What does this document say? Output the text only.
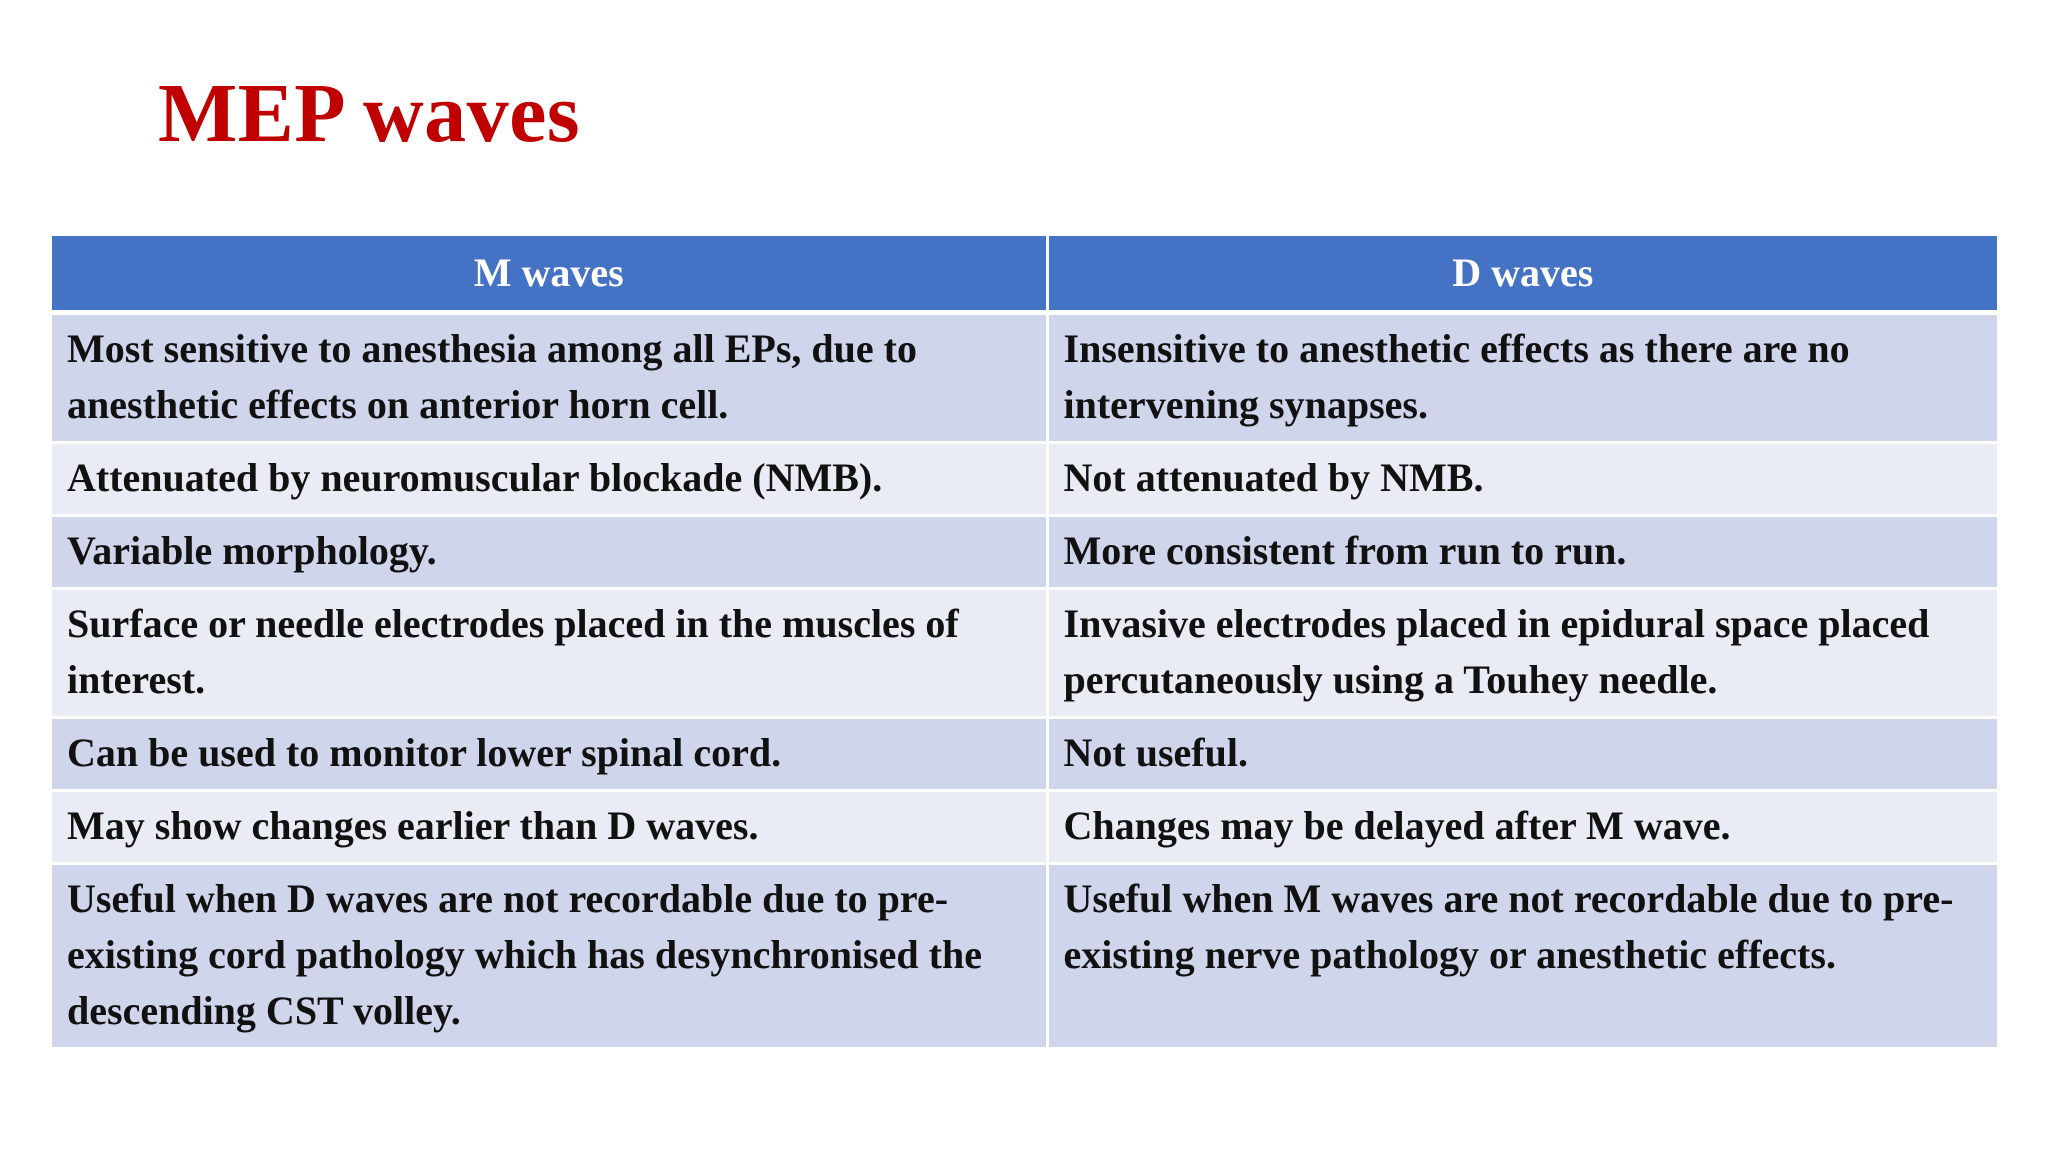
MEP waves
M waves	D waves
Most sensitive to anesthesia among all EPs, due to anesthetic effects on anterior horn cell.	Insensitive to anesthetic effects as there are no intervening synapses.
Attenuated by neuromuscular blockade (NMB).	Not attenuated by NMB.
Variable morphology.	More consistent from run to run.
Surface or needle electrodes placed in the muscles of interest.	Invasive electrodes placed in epidural space placed percutaneously using a Touhey needle.
Can be used to monitor lower spinal cord.	Not useful.
May show changes earlier than D waves.	Changes may be delayed after M wave.
Useful when D waves are not recordable due to pre-existing cord pathology which has desynchronised the descending CST volley.	Useful when M waves are not recordable due to pre-existing nerve pathology or anesthetic effects.
